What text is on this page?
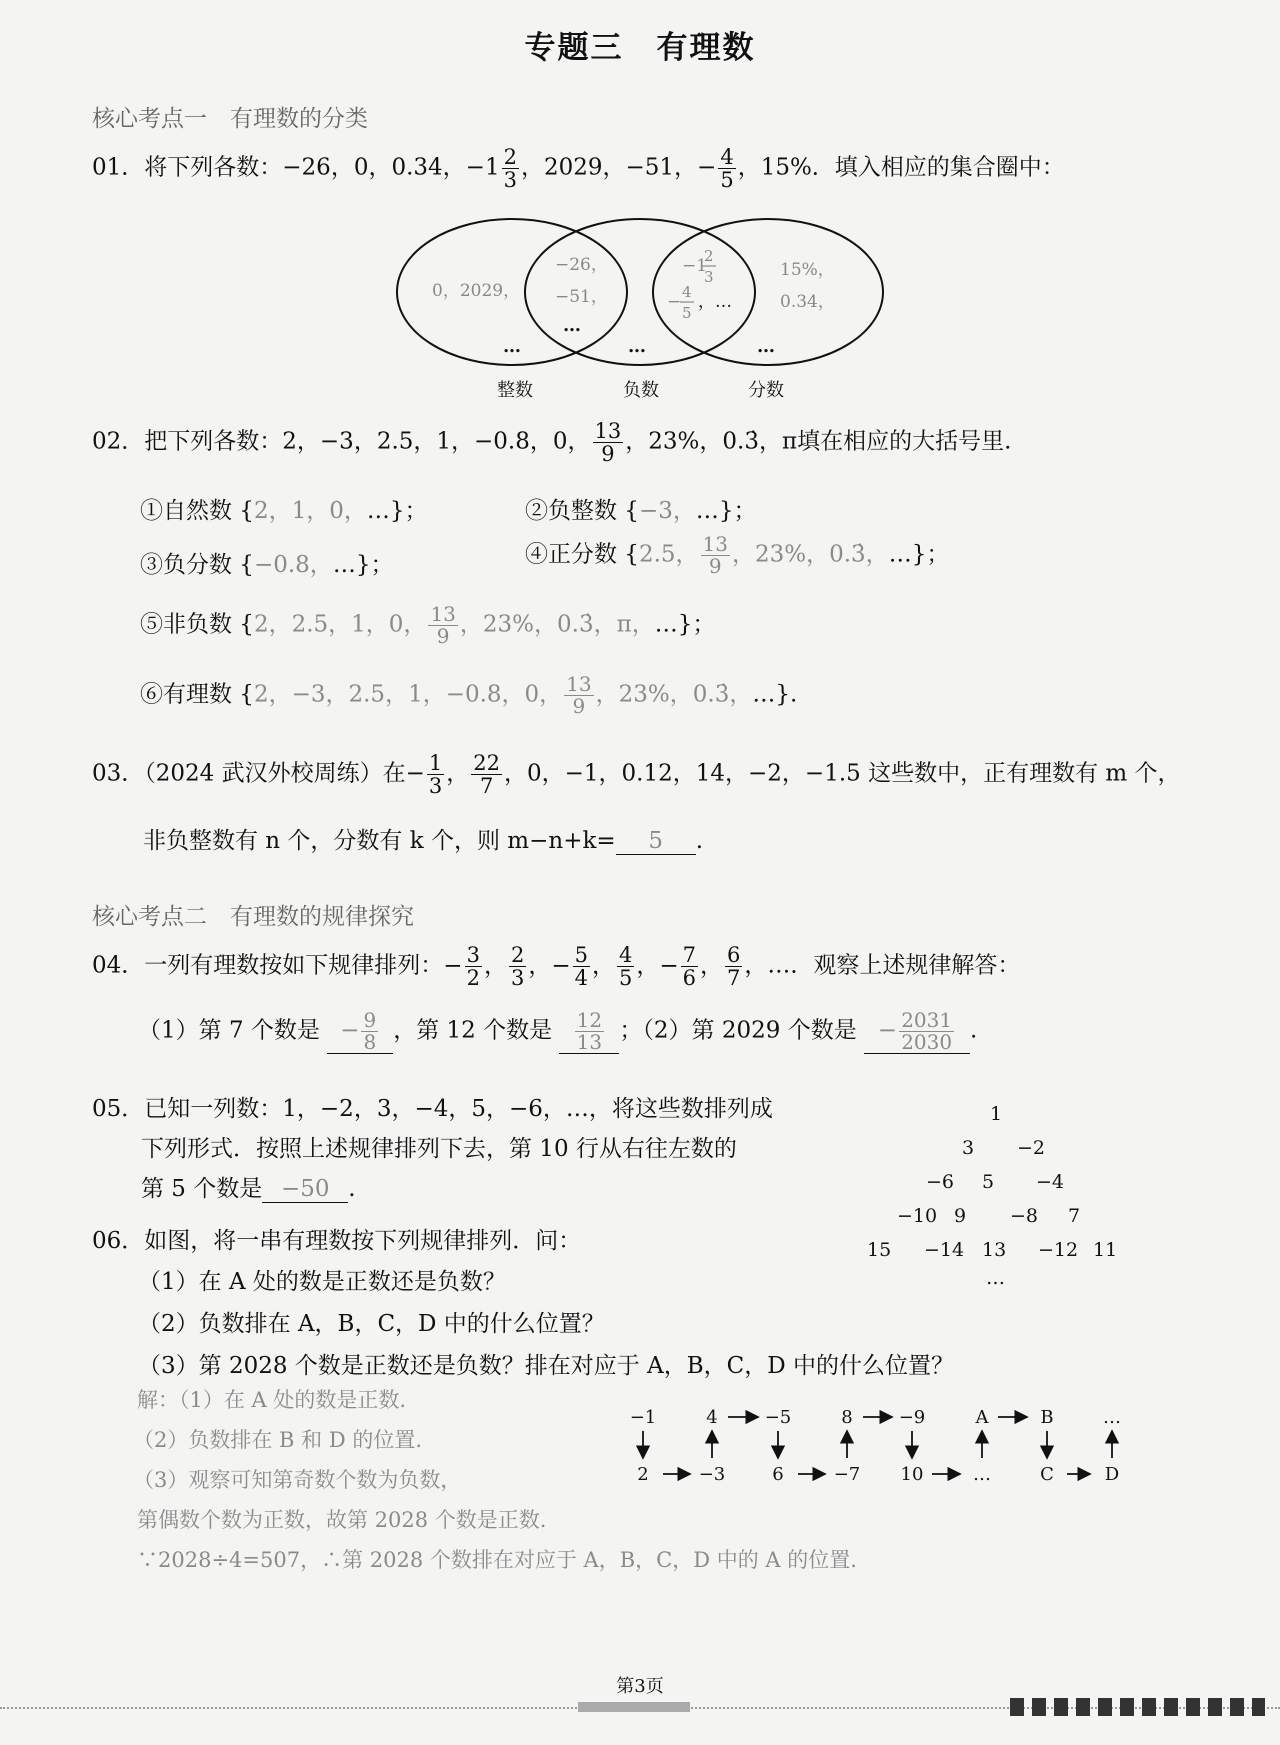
专题三　有理数
核心考点一　有理数的分类
01．将下列各数：−26，0，0.34，$-1 \frac{2}{3}$ ，2029，−51，− $\frac{4}{5}$ ，15%．填入相应的集合圈中：
0，2029，
−26，
−51，
−1
2
3
− 4
5
，…
15%，
0.34，
…
…	…	…
整数	负数	分数
02．把下列各数：2，−3，2.5，1，−0.8，0， $\frac{13}{9}$ ，23%，0.3̇，π填在相应的大括号里.
①自然数 {2，1，0，…}；	②负整数 {−3，…}；
③负分数 {−0.8，…}；	④正分数 {2.5， $\frac{13}{9}$ ，23%，0.3̇，…}；
⑤非负数 {2，2.5，1，0， $\frac{13}{9}$ ，23%，0.3̇，π，…}；
⑥有理数 {2，−3，2.5，1，−0.8，0， $\frac{13}{9}$ ，23%，0.3̇，…}.
03．（2024 武汉外校周练）在− $\frac{1}{3}$ ， $\frac{22}{7}$ ，0，−1，0.12，14，−2，−1.5 这些数中，正有理数有 m 个，
非负整数有 n 个，分数有 k 个，则 m−n+k= 5 .
核心考点二　有理数的规律探究
04．一列有理数按如下规律排列：− $\frac{3}{2}$ ， $\frac{2}{3}$ ，− $\frac{5}{4}$ ， $\frac{4}{5}$ ，− $\frac{7}{6}$ ， $\frac{6}{7}$ ，…．观察上述规律解答：
（1）第 7 个数是 − $\frac{9}{8}$ ，第 12 个数是 $\frac{12}{13}$ ；（2）第 2029 个数是 − $\frac{2031}{2030}$ .
05．已知一列数：1，−2，3，−4，5，−6，…，将这些数排列成
下列形式．按照上述规律排列下去，第 10 行从右往左数的
第 5 个数是 −50 .
1
3 −2
−6 5 −4
−10 9 −8 7
15 −14 13 −12 11
…
06．如图，将一串有理数按下列规律排列．问：
（1）在 A 处的数是正数还是负数？
（2）负数排在 A，B，C，D 中的什么位置？
（3）第 2028 个数是正数还是负数？排在对应于 A，B，C，D 中的什么位置？
解：（1）在 A 处的数是正数.
（2）负数排在 B 和 D 的位置.
（3）观察可知第奇数个数为负数，
第偶数个数为正数，故第 2028 个数是正数.
∵2028÷4=507，∴第 2028 个数排在对应于 A，B，C，D 中的 A 的位置.
−1	4	−5	8	−9	A	B	…
2	−3	6	−7 10	…	C	D
第3页
